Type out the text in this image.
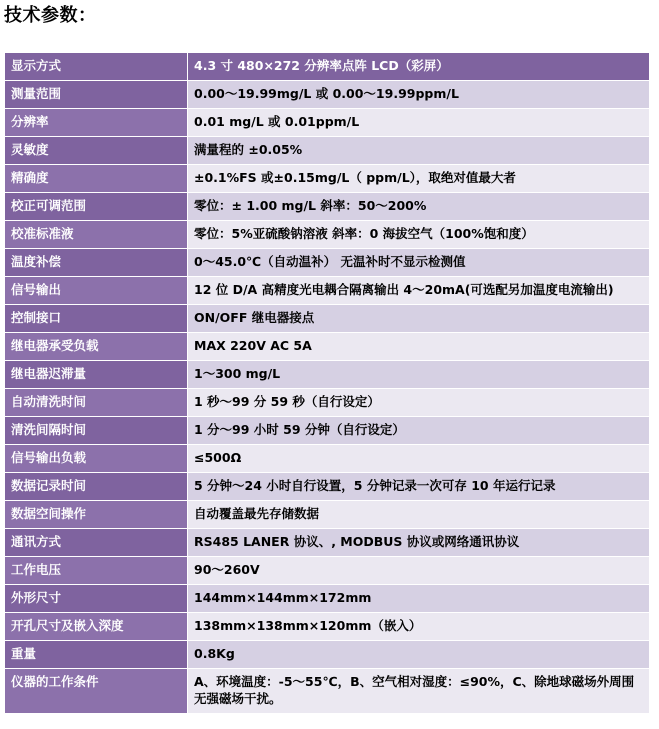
技术参数：
显示方式	4.3 寸 480×272 分辨率点阵 LCD（彩屏）
测量范围	0.00～19.99mg/L 或 0.00～19.99ppm/L
分辨率	0.01 mg/L 或 0.01ppm/L
灵敏度	满量程的 ±0.05%
精确度	±0.1%FS 或±0.15mg/L（ ppm/L），取绝对值最大者
校正可调范围	零位：± 1.00 mg/L 斜率：50～200%
校准标准液	零位：5%亚硫酸钠溶液 斜率：0 海拔空气（100%饱和度）
温度补偿	0～45.0℃（自动温补） 无温补时不显示检测值
信号输出	12 位 D/A 高精度光电耦合隔离输出 4～20mA(可选配另加温度电流输出)
控制接口	ON/OFF 继电器接点
继电器承受负载	MAX 220V AC 5A
继电器迟滞量	1～300 mg/L
自动清洗时间	1 秒～99 分 59 秒（自行设定）
清洗间隔时间	1 分～99 小时 59 分钟（自行设定）
信号输出负载	≤500Ω
数据记录时间	5 分钟～24 小时自行设置，5 分钟记录一次可存 10 年运行记录
数据空间操作	自动覆盖最先存储数据
通讯方式	RS485 LANER 协议、, MODBUS 协议或网络通讯协议
工作电压	90～260V
外形尺寸	144mm×144mm×172mm
开孔尺寸及嵌入深度	138mm×138mm×120mm（嵌入）
重量	0.8Kg
仪器的工作条件	A、环境温度：-5～55℃，B、空气相对湿度：≤90%，C、除地球磁场外周围无强磁场干扰。
